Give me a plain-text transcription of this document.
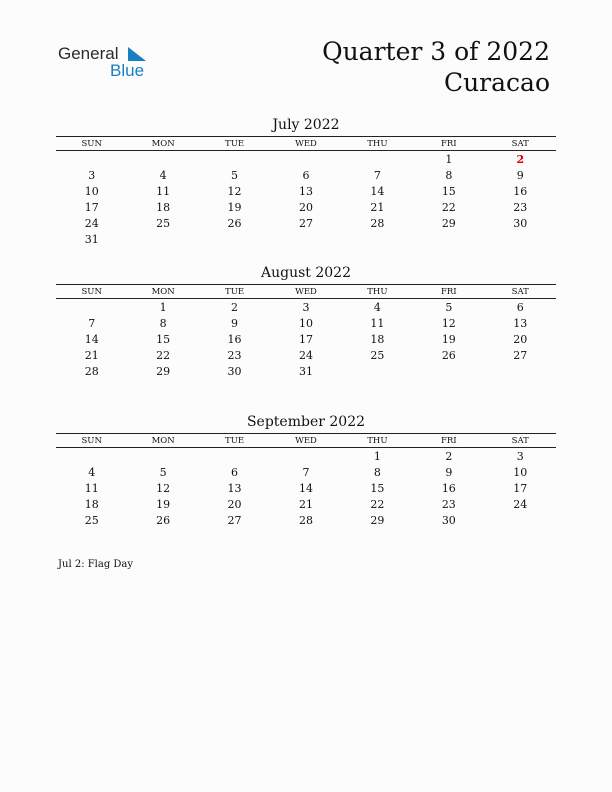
General
Blue
Quarter 3 of 2022
Curacao
July 2022
SUN	MON	TUE	WED	THU	FRI	SAT
					1	2
3	4	5	6	7	8	9
10	11	12	13	14	15	16
17	18	19	20	21	22	23
24	25	26	27	28	29	30
31						
August 2022
SUN	MON	TUE	WED	THU	FRI	SAT
	1	2	3	4	5	6
7	8	9	10	11	12	13
14	15	16	17	18	19	20
21	22	23	24	25	26	27
28	29	30	31			
September 2022
SUN	MON	TUE	WED	THU	FRI	SAT
				1	2	3
4	5	6	7	8	9	10
11	12	13	14	15	16	17
18	19	20	21	22	23	24
25	26	27	28	29	30	
Jul 2: Flag Day
